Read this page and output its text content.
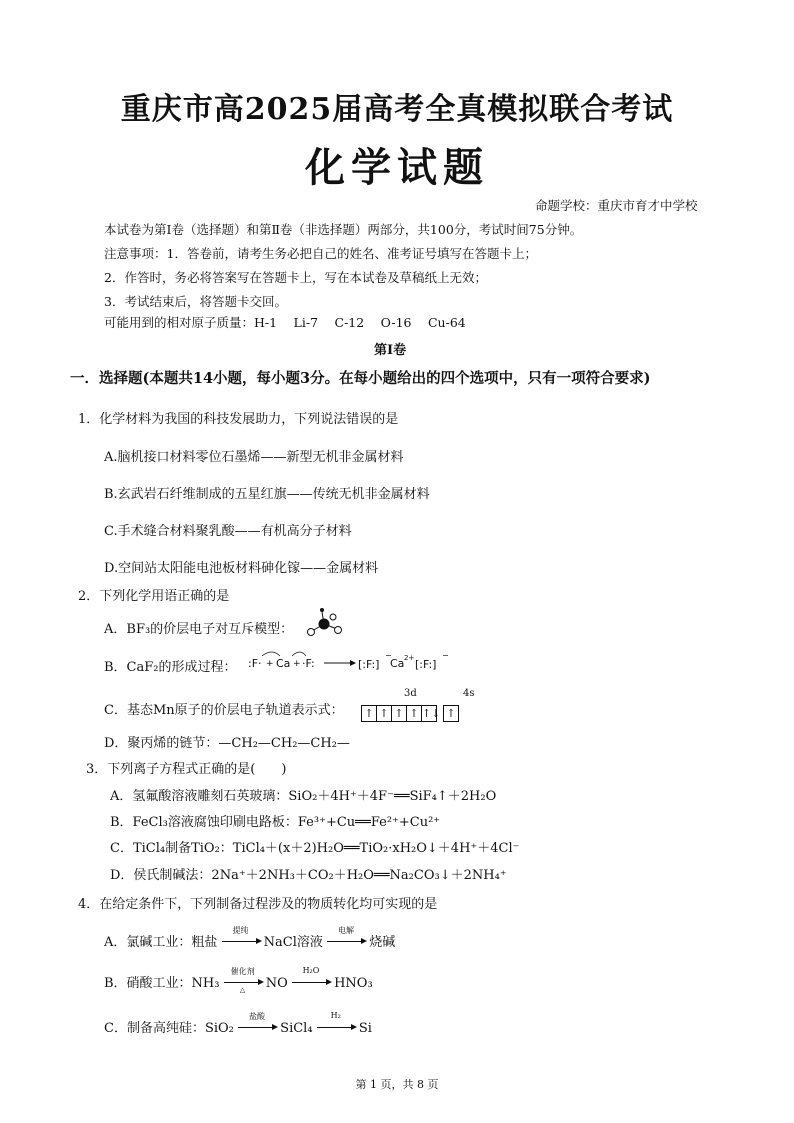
重庆市高2025届高考全真模拟联合考试
化学试题
命题学校：重庆市育才中学校
本试卷为第Ⅰ卷（选择题）和第Ⅱ卷（非选择题）两部分，共100分，考试时间75分钟。
注意事项：1．答卷前，请考生务必把自己的姓名、准考证号填写在答题卡上；
2．作答时，务必将答案写在答题卡上，写在本试卷及草稿纸上无效；
3．考试结束后，将答题卡交回。
可能用到的相对原子质量：H-1　 Li-7　 C-12　 O-16　 Cu-64
第Ⅰ卷
一．选择题(本题共14小题，每小题3分。在每小题给出的四个选项中，只有一项符合要求)
1．化学材料为我国的科技发展助力，下列说法错误的是
A.脑机接口材料零位石墨烯——新型无机非金属材料
B.玄武岩石纤维制成的五星红旗——传统无机非金属材料
C.手术缝合材料聚乳酸——有机高分子材料
D.空间站太阳能电池板材料砷化镓——金属材料
2．下列化学用语正确的是
A．BF₃的价层电子对互斥模型：
B．CaF₂的形成过程： :F· + Ca + ·F:	[:F:]
−
Ca 2+ [:F:]
−
C．基态Mn原子的价层电子轨道表示式：
3d	4s
↑ ↑ ↑ ↑ ↑↓ ↑
D．聚丙烯的链节：—CH₂—CH₂—CH₂—
3．下列离子方程式正确的是(　　)
A．氢氟酸溶液雕刻石英玻璃：SiO₂＋4H⁺＋4F⁻══SiF₄↑＋2H₂O
B．FeCl₃溶液腐蚀印刷电路板：Fe³⁺+Cu══Fe²⁺+Cu²⁺
C．TiCl₄制备TiO₂：TiCl₄＋(x＋2)H₂O══TiO₂·xH₂O↓＋4H⁺＋4Cl⁻
D．侯氏制碱法：2Na⁺＋2NH₃＋CO₂＋H₂O══Na₂CO₃↓＋2NH₄⁺
4．在给定条件下，下列制备过程涉及的物质转化均可实现的是
A．氯碱工业：粗盐
提纯
NaCl溶液
电解
烧碱
B．硝酸工业：NH₃
催化剂
△	NO
H₂O
HNO₃
C．制备高纯硅：SiO₂
盐酸
SiCl₄
H₂
Si
第 1 页，共 8 页
